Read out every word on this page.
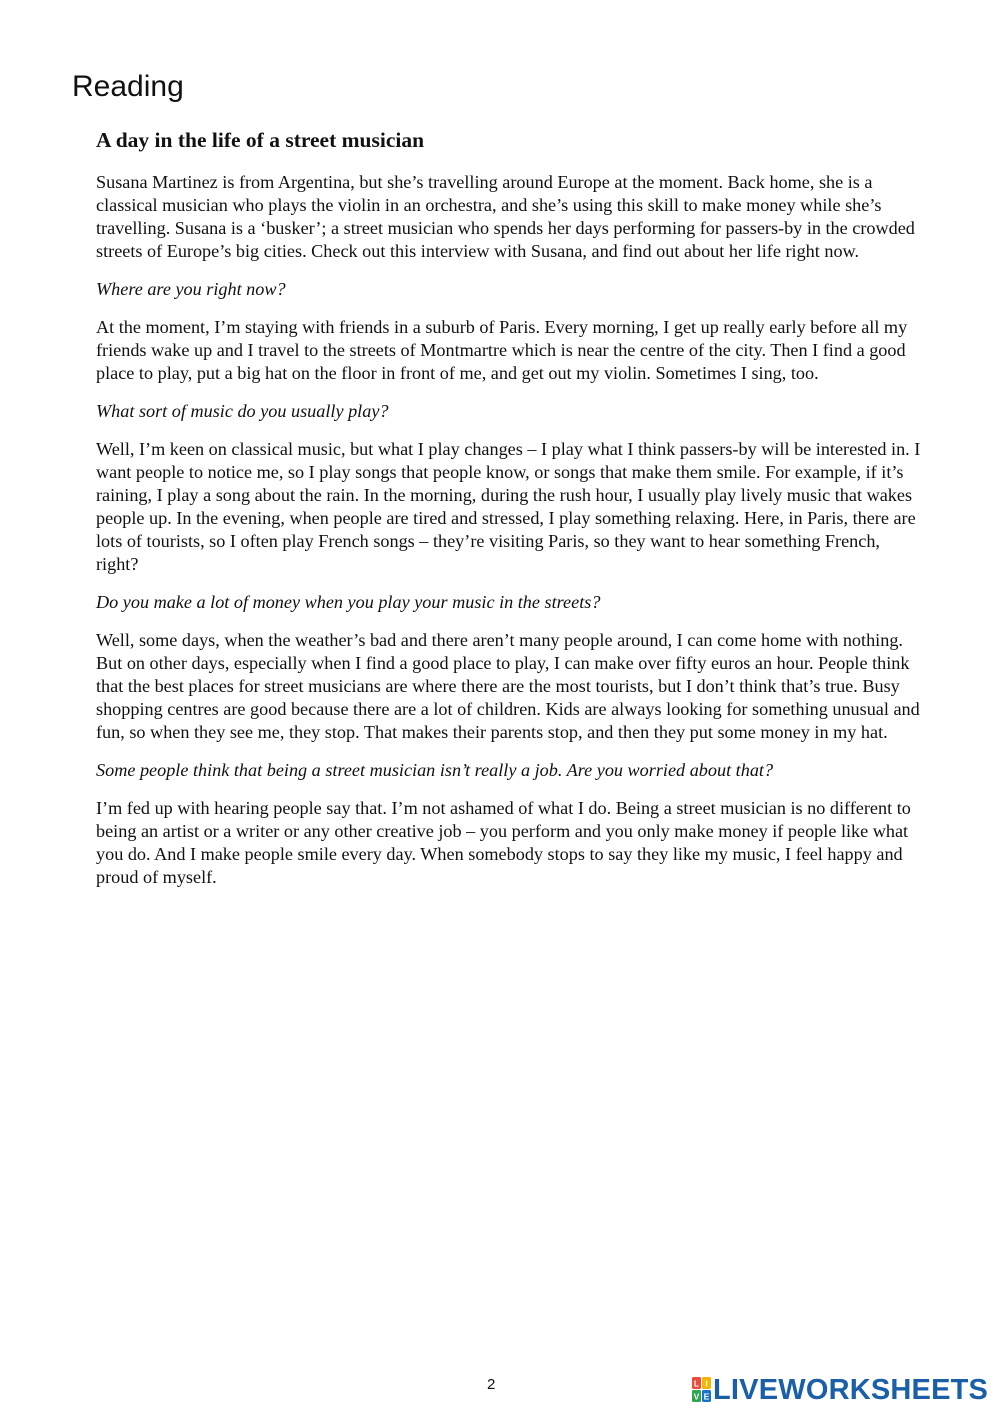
Reading
A day in the life of a street musician

Susana Martinez is from Argentina, but she’s travelling around Europe at the moment. Back home, she is a classical musician who plays the violin in an orchestra, and she’s using this skill to make money while she’s travelling. Susana is a ‘busker’; a street musician who spends her days performing for passers-by in the crowded streets of Europe’s big cities. Check out this interview with Susana, and find out about her life right now.

Where are you right now?

At the moment, I’m staying with friends in a suburb of Paris. Every morning, I get up really early before all my friends wake up and I travel to the streets of Montmartre which is near the centre of the city. Then I find a good place to play, put a big hat on the floor in front of me, and get out my violin. Sometimes I sing, too.

What sort of music do you usually play?

Well, I’m keen on classical music, but what I play changes – I play what I think passers-by will be interested in. I want people to notice me, so I play songs that people know, or songs that make them smile. For example, if it’s raining, I play a song about the rain. In the morning, during the rush hour, I usually play lively music that wakes people up. In the evening, when people are tired and stressed, I play something relaxing. Here, in Paris, there are lots of tourists, so I often play French songs – they’re visiting Paris, so they want to hear something French, right?

Do you make a lot of money when you play your music in the streets?

Well, some days, when the weather’s bad and there aren’t many people around, I can come home with nothing. But on other days, especially when I find a good place to play, I can make over fifty euros an hour. People think that the best places for street musicians are where there are the most tourists, but I don’t think that’s true. Busy shopping centres are good because there are a lot of children. Kids are always looking for something unusual and fun, so when they see me, they stop. That makes their parents stop, and then they put some money in my hat.

Some people think that being a street musician isn’t really a job. Are you worried about that?

I’m fed up with hearing people say that. I’m not ashamed of what I do. Being a street musician is no different to being an artist or a writer or any other creative job – you perform and you only make money if people like what you do. And I make people smile every day. When somebody stops to say they like my music, I feel happy and proud of myself.

2	L I
V E LIVEWORKSHEETS
